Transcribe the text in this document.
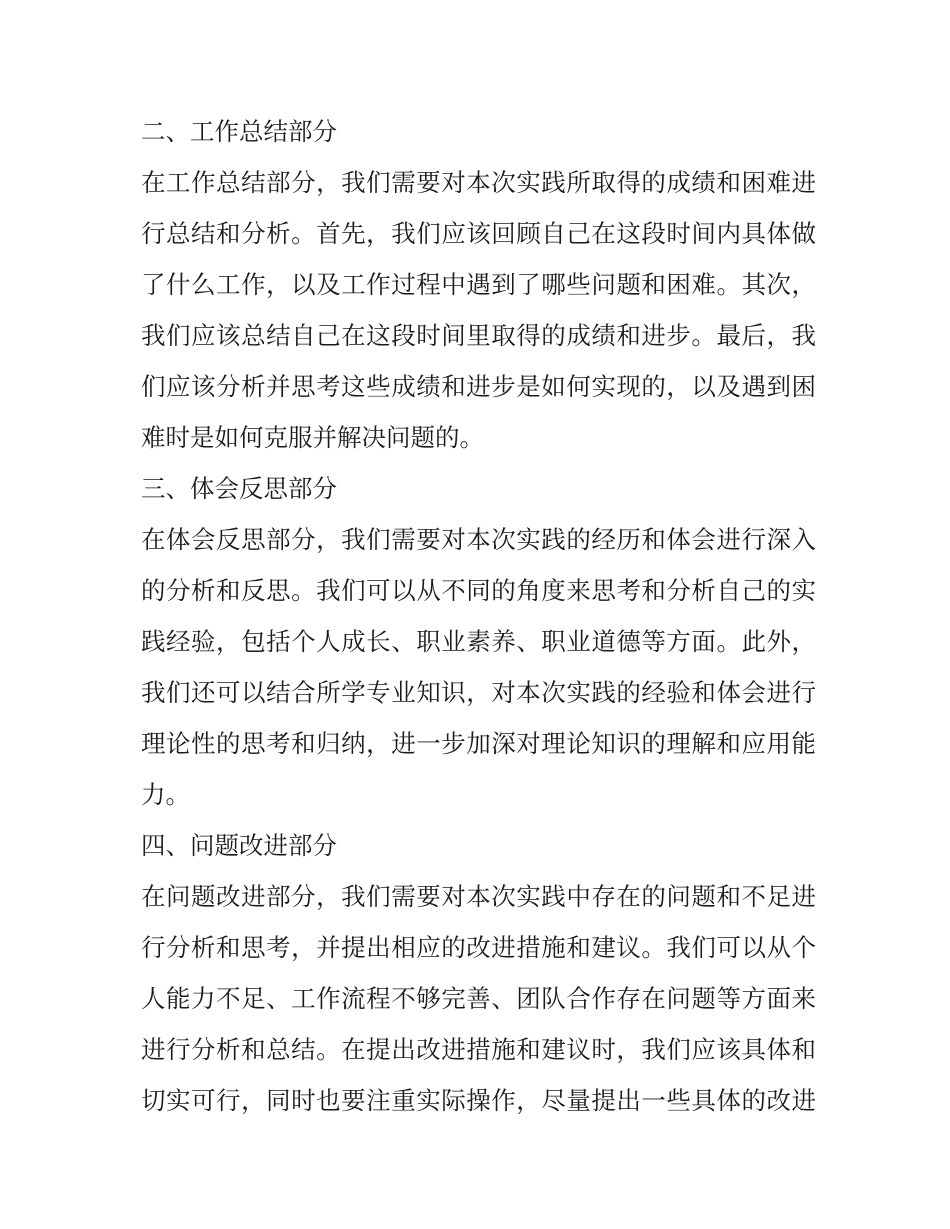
二、工作总结部分
在工作总结部分，我们需要对本次实践所取得的成绩和困难进
行总结和分析。首先，我们应该回顾自己在这段时间内具体做
了什么工作，以及工作过程中遇到了哪些问题和困难。其次，
我们应该总结自己在这段时间里取得的成绩和进步。最后，我
们应该分析并思考这些成绩和进步是如何实现的，以及遇到困
难时是如何克服并解决问题的。
三、体会反思部分
在体会反思部分，我们需要对本次实践的经历和体会进行深入
的分析和反思。我们可以从不同的角度来思考和分析自己的实
践经验，包括个人成长、职业素养、职业道德等方面。此外，
我们还可以结合所学专业知识，对本次实践的经验和体会进行
理论性的思考和归纳，进一步加深对理论知识的理解和应用能
力。
四、问题改进部分
在问题改进部分，我们需要对本次实践中存在的问题和不足进
行分析和思考，并提出相应的改进措施和建议。我们可以从个
人能力不足、工作流程不够完善、团队合作存在问题等方面来
进行分析和总结。在提出改进措施和建议时，我们应该具体和
切实可行，同时也要注重实际操作，尽量提出一些具体的改进
